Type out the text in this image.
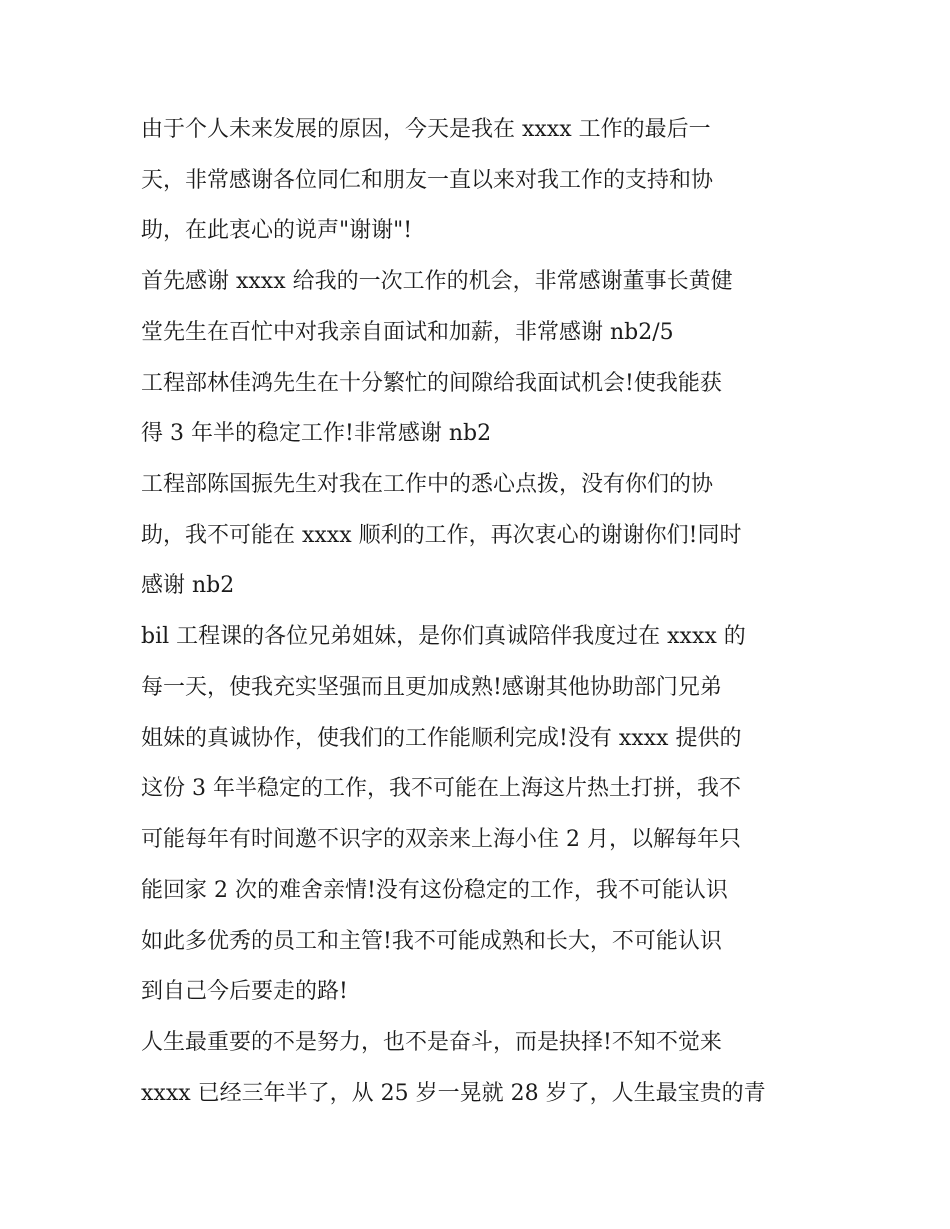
由于个人未来发展的原因，今天是我在 xxxx 工作的最后一
天，非常感谢各位同仁和朋友一直以来对我工作的支持和协
助，在此衷心的说声"谢谢"!
首先感谢 xxxx 给我的一次工作的机会，非常感谢董事长黄健
堂先生在百忙中对我亲自面试和加薪，非常感谢 nb2/5
工程部林佳鸿先生在十分繁忙的间隙给我面试机会!使我能获
得 3 年半的稳定工作!非常感谢 nb2
工程部陈国振先生对我在工作中的悉心点拨，没有你们的协
助，我不可能在 xxxx 顺利的工作，再次衷心的谢谢你们!同时
感谢 nb2
bil 工程课的各位兄弟姐妹，是你们真诚陪伴我度过在 xxxx 的
每一天，使我充实坚强而且更加成熟!感谢其他协助部门兄弟
姐妹的真诚协作，使我们的工作能顺利完成!没有 xxxx 提供的
这份 3 年半稳定的工作，我不可能在上海这片热土打拼，我不
可能每年有时间邀不识字的双亲来上海小住 2 月，以解每年只
能回家 2 次的难舍亲情!没有这份稳定的工作，我不可能认识
如此多优秀的员工和主管!我不可能成熟和长大，不可能认识
到自己今后要走的路!
人生最重要的不是努力，也不是奋斗，而是抉择!不知不觉来
xxxx 已经三年半了，从 25 岁一晃就 28 岁了，人生最宝贵的青
